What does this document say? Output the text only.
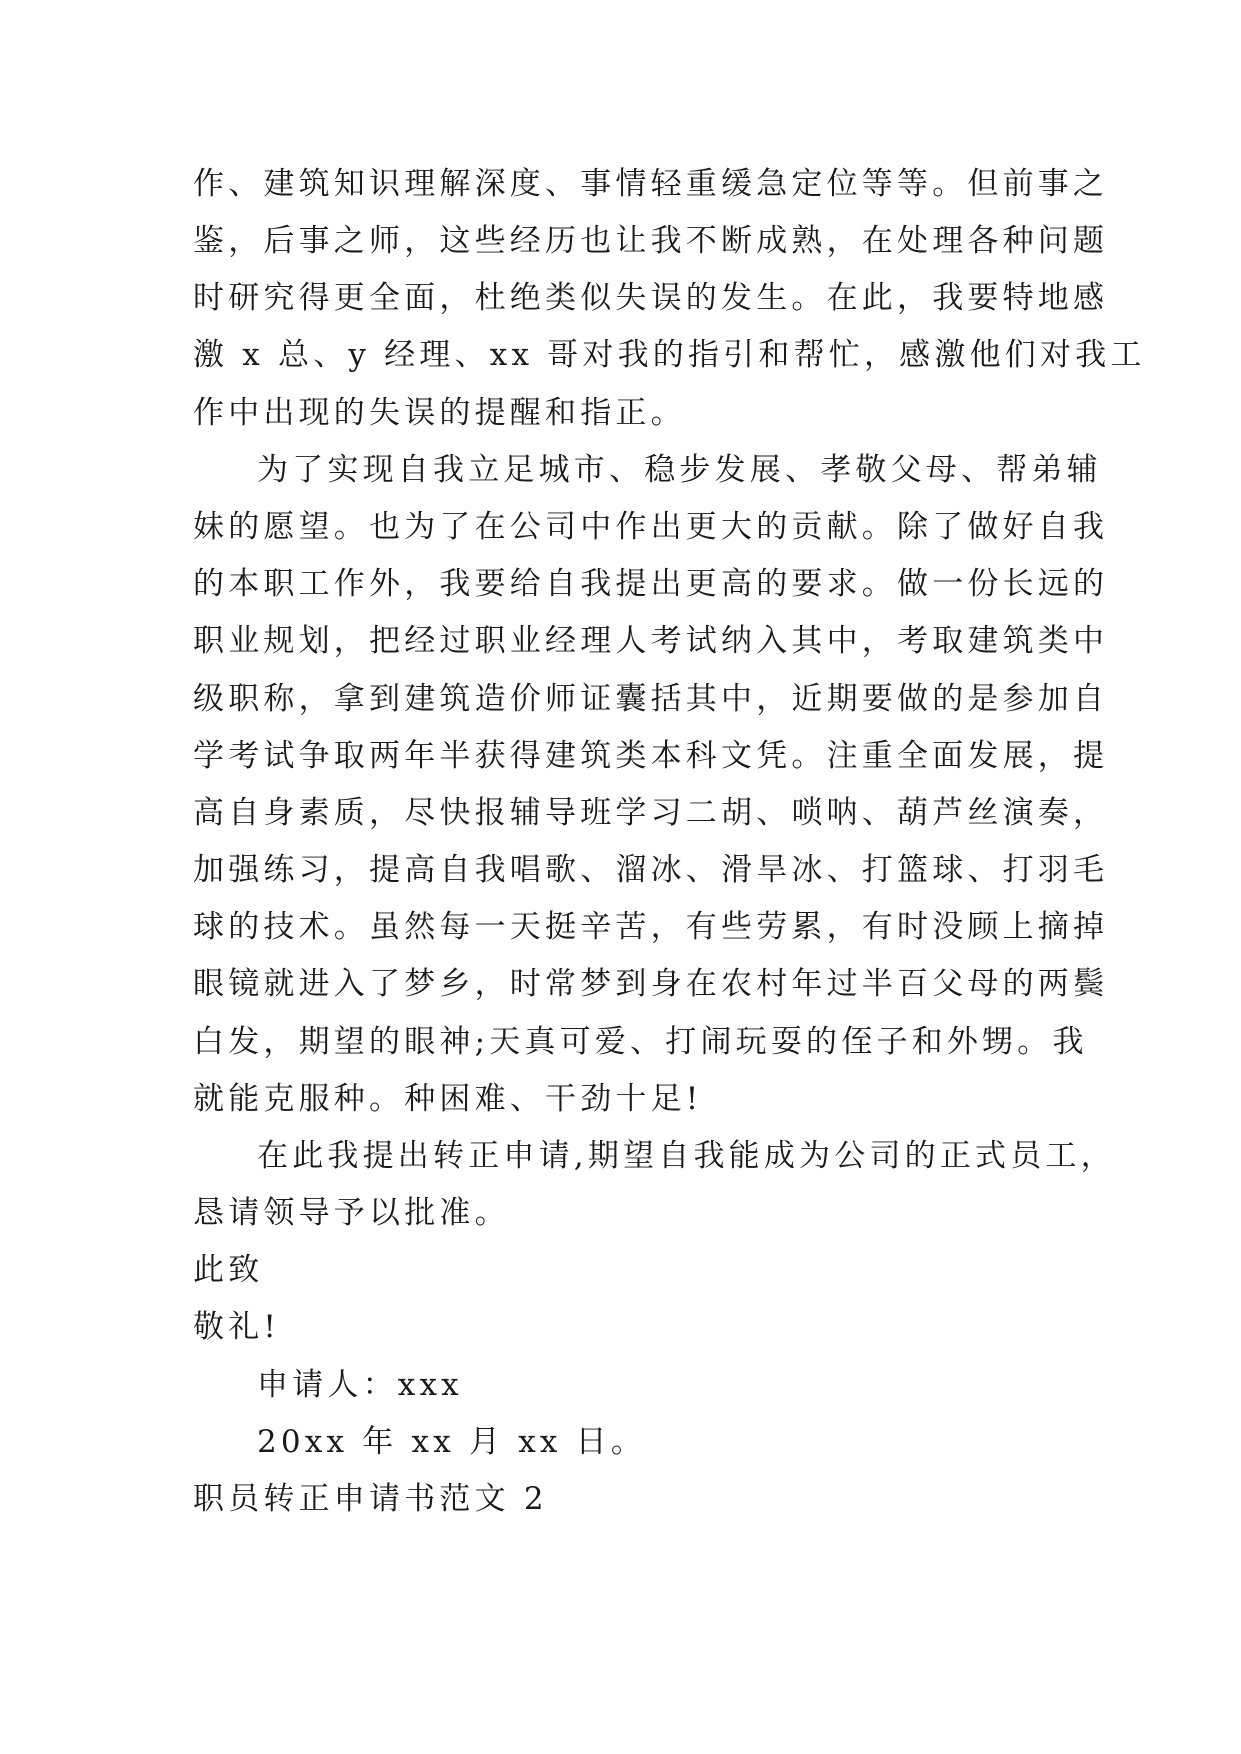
作、建筑知识理解深度、事情轻重缓急定位等等。但前事之
鉴，后事之师，这些经历也让我不断成熟，在处理各种问题
时研究得更全面，杜绝类似失误的发生。在此，我要特地感
激 x 总、y 经理、xx 哥对我的指引和帮忙，感激他们对我工
作中出现的失误的提醒和指正。
为了实现自我立足城市、稳步发展、孝敬父母、帮弟辅
妹的愿望。也为了在公司中作出更大的贡献。除了做好自我
的本职工作外，我要给自我提出更高的要求。做一份长远的
职业规划，把经过职业经理人考试纳入其中，考取建筑类中
级职称，拿到建筑造价师证囊括其中，近期要做的是参加自
学考试争取两年半获得建筑类本科文凭。注重全面发展，提
高自身素质，尽快报辅导班学习二胡、唢呐、葫芦丝演奏，
加强练习，提高自我唱歌、溜冰、滑旱冰、打篮球、打羽毛
球的技术。虽然每一天挺辛苦，有些劳累，有时没顾上摘掉
眼镜就进入了梦乡，时常梦到身在农村年过半百父母的两鬓
白发，期望的眼神;天真可爱、打闹玩耍的侄子和外甥。我
就能克服种。种困难、干劲十足!
在此我提出转正申请,期望自我能成为公司的正式员工，
恳请领导予以批准。
此致
敬礼!
申请人：xxx
20xx 年 xx 月 xx 日。
职员转正申请书范文 2
